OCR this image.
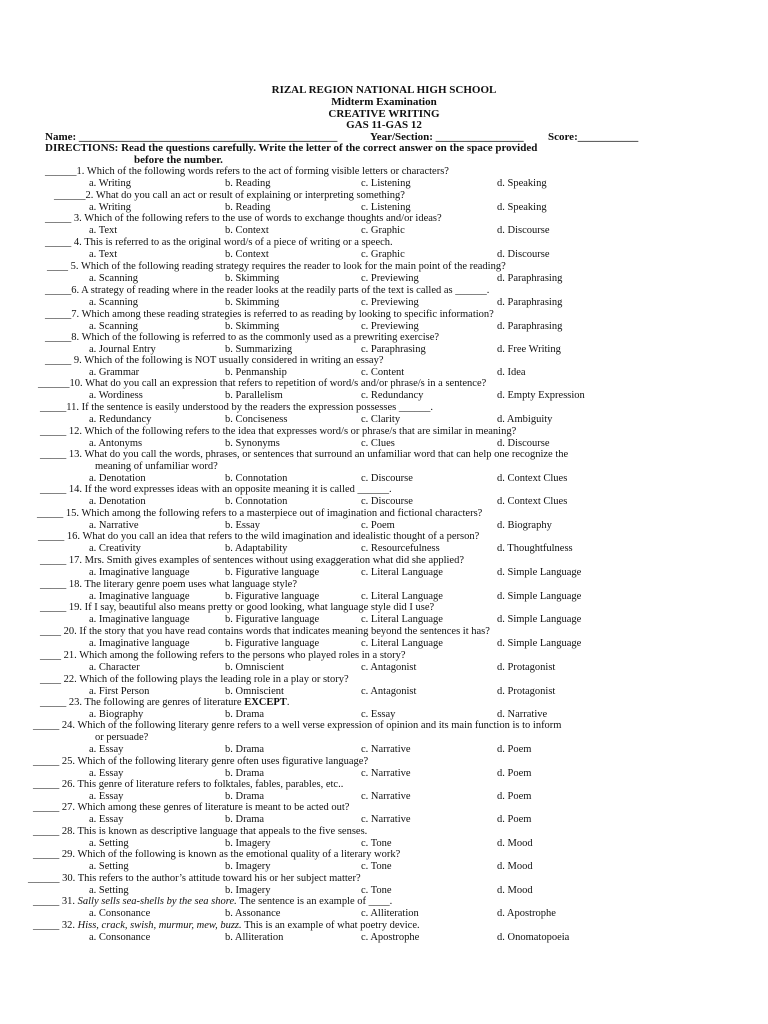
RIZAL REGION NATIONAL HIGH SCHOOL
Midterm Examination
CREATIVE WRITING
GAS 11-GAS 12
Name: _______________________________________________	Year/Section: ________________ Score:___________
DIRECTIONS: Read the questions carefully. Write the letter of the correct answer on the space provided
before the number.
______1. Which of the following words refers to the act of forming visible letters or characters?
a. Writing	b. Reading	c. Listening	d. Speaking
______2. What do you call an act or result of explaining or interpreting something?
a. Writing	b. Reading	c. Listening	d. Speaking
_____ 3. Which of the following refers to the use of words to exchange thoughts and/or ideas?
a. Text	b. Context	c. Graphic	d. Discourse
_____ 4. This is referred to as the original word/s of a piece of writing or a speech.
a. Text	b. Context	c. Graphic	d. Discourse
____ 5. Which of the following reading strategy requires the reader to look for the main point of the reading?
a. Scanning	b. Skimming	c. Previewing	d. Paraphrasing
_____6. A strategy of reading where in the reader looks at the readily parts of the text is called as ______.
a. Scanning	b. Skimming	c. Previewing	d. Paraphrasing
_____7. Which among these reading strategies is referred to as reading by looking to specific information?
a. Scanning	b. Skimming	c. Previewing	d. Paraphrasing
_____8. Which of the following is referred to as the commonly used as a prewriting exercise?
a. Journal Entry	b. Summarizing	c. Paraphrasing	d. Free Writing
_____ 9. Which of the following is NOT usually considered in writing an essay?
a. Grammar	b. Penmanship	c. Content	d. Idea
______10. What do you call an expression that refers to repetition of word/s and/or phrase/s in a sentence?
a. Wordiness	b. Parallelism	c. Redundancy	d. Empty Expression
_____11. If the sentence is easily understood by the readers the expression possesses ______.
a. Redundancy	b. Conciseness	c. Clarity	d. Ambiguity
_____ 12. Which of the following refers to the idea that expresses word/s or phrase/s that are similar in meaning?
a. Antonyms	b. Synonyms	c. Clues	d. Discourse
_____ 13. What do you call the words, phrases, or sentences that surround an unfamiliar word that can help one recognize the
meaning of unfamiliar word?
a. Denotation	b. Connotation	c. Discourse	d. Context Clues
_____ 14. If the word expresses ideas with an opposite meaning it is called ______.
a. Denotation	b. Connotation	c. Discourse	d. Context Clues
_____ 15. Which among the following refers to a masterpiece out of imagination and fictional characters?
a. Narrative	b. Essay	c. Poem	d. Biography
_____ 16. What do you call an idea that refers to the wild imagination and idealistic thought of a person?
a. Creativity	b. Adaptability	c. Resourcefulness	d. Thoughtfulness
_____ 17. Mrs. Smith gives examples of sentences without using exaggeration what did she applied?
a. Imaginative language	b. Figurative language	c. Literal Language	d. Simple Language
_____ 18. The literary genre poem uses what language style?
a. Imaginative language	b. Figurative language	c. Literal Language	d. Simple Language
_____ 19. If I say, beautiful also means pretty or good looking, what language style did I use?
a. Imaginative language	b. Figurative language	c. Literal Language	d. Simple Language
____ 20. If the story that you have read contains words that indicates meaning beyond the sentences it has?
a. Imaginative language	b. Figurative language	c. Literal Language	d. Simple Language
____ 21. Which among the following refers to the persons who played roles in a story?
a. Character	b. Omniscient	c. Antagonist	d. Protagonist
____ 22. Which of the following plays the leading role in a play or story?
a. First Person	b. Omniscient	c. Antagonist	d. Protagonist
_____ 23. The following are genres of literature EXCEPT.
a. Biography	b. Drama	c. Essay	d. Narrative
_____ 24. Which of the following literary genre refers to a well verse expression of opinion and its main function is to inform
or persuade?
a. Essay	b. Drama	c. Narrative	d. Poem
_____ 25. Which of the following literary genre often uses figurative language?
a. Essay	b. Drama	c. Narrative	d. Poem
_____ 26. This genre of literature refers to folktales, fables, parables, etc..
a. Essay	b. Drama	c. Narrative	d. Poem
_____ 27. Which among these genres of literature is meant to be acted out?
a. Essay	b. Drama	c. Narrative	d. Poem
_____ 28. This is known as descriptive language that appeals to the five senses.
a. Setting	b. Imagery	c. Tone	d. Mood
_____ 29. Which of the following is known as the emotional quality of a literary work?
a. Setting	b. Imagery	c. Tone	d. Mood
______ 30. This refers to the author’s attitude toward his or her subject matter?
a. Setting	b. Imagery	c. Tone	d. Mood
_____ 31. Sally sells sea-shells by the sea shore. The sentence is an example of ____.
a. Consonance	b. Assonance	c. Alliteration	d. Apostrophe
_____ 32. Hiss, crack, swish, murmur, mew, buzz. This is an example of what poetry device.
a. Consonance	b. Alliteration	c. Apostrophe	d. Onomatopoeia
